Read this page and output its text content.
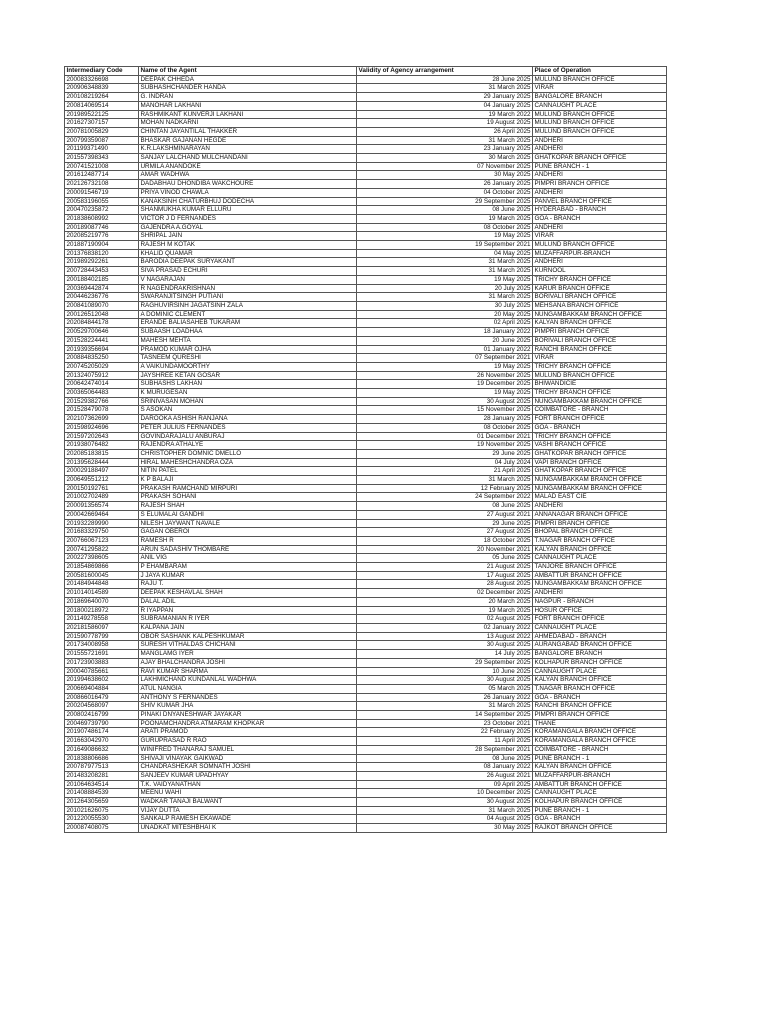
Intermediary Code	Name of the Agent	Validity of Agency arrangement	Place of Operation
200083326698	DEEPAK CHHEDA	28 June 2025	MULUND BRANCH OFFICE
200906348839	SUBHASHCHANDER HANDA	31 March 2025	VIRAR
200108219264	G. INDRAN	29 January 2025	BANGALORE BRANCH
200814069514	MANOHAR LAKHANI	04 January 2025	CANNAUGHT PLACE
201989522125	RASHMIKANT KUNVERJI LAKHANI	19 March 2022	MULUND BRANCH OFFICE
201627307157	MOHAN NADKARNI	19 August 2025	MULUND BRANCH OFFICE
200781005829	CHINTAN JAYANTILAL THAKKER	26 April 2025	MULUND BRANCH OFFICE
200799359087	BHASKAR GAJANAN HEGDE	31 March 2025	ANDHERI
201199371490	K.R.LAKSHMINARAYAN	23 January 2025	ANDHERI
201557398343	SANJAY LALCHAND MULCHANDANI	30 March 2025	GHATKOPAR BRANCH OFFICE
200741521008	URMILA ANANDOKE	07 November 2025	PUNE BRANCH - 1
201612487714	AMAR WADHWA	30 May 2025	ANDHERI
202126732108	DADABHAU DHONDIBA WAKCHOURE	26 January 2025	PIMPRI BRANCH OFFICE
200091546719	PRIYA VINOD CHAWLA	04 October 2025	ANDHERI
200583196055	KANAKSINH CHATURBHUJ DODECHA	29 September 2025	PANVEL BRANCH OFFICE
200470235872	SHANMUKHA KUMAR ELLURU	08 June 2025	HYDERABAD - BRANCH
201838608992	VICTOR J D FERNANDES	19 March 2025	GOA - BRANCH
200189087746	GAJENDRA A.GOYAL	08 October 2025	ANDHERI
202085219776	SHRIPAL JAIN	19 May 2025	VIRAR
201887190904	RAJESH M KOTAK	19 September 2021	MULUND BRANCH OFFICE
201376838120	KHALID QUAMAR	04 May 2025	MUZAFFARPUR-BRANCH
201989292261	BARODIA DEEPAK SURYAKANT	31 March 2025	ANDHERI
200728443453	SIVA PRASAD ECHURI	31 March 2025	KURNOOL
200188402185	V NAGARAJAN	19 May 2025	TRICHY BRANCH OFFICE
200369442874	R NAGENDRAKRISHNAN	20 July 2025	KARUR BRANCH OFFICE
200446236776	SWARANJITSINGH PUTIANI	31 March 2025	BORIVALI BRANCH OFFICE
200841089070	RAGHUVIRSINH JAGATSINH ZALA	30 July 2025	MEHSANA BRANCH OFFICE
200126512048	A DOMINIC CLEMENT	20 May 2025	NUNGAMBAKKAM BRANCH OFFICE
202084844178	ERANDE BALIASAHEB TUKARAM	02 April 2025	KALYAN BRANCH OFFICE
200529700646	SUBAASH LOADHAA	18 January 2022	PIMPRI BRANCH OFFICE
201528224441	MAHESH MEHTA	20 June 2025	BORIVALI BRANCH OFFICE
201939356694	PRAMOD KUMAR OJHA	01 January 2022	RANCHI BRANCH OFFICE
200884835250	TASNEEM QURESHI	07 September 2021	VIRAR
200745205029	A VAIKUNDAMOORTHY	19 May 2025	TRICHY BRANCH OFFICE
201324075912	JAYSHREE KETAN GOSAR	26 November 2025	MULUND BRANCH OFFICE
200642474014	SUBHASHS LAKHAN	19 December 2025	BHIWANDICIE
200365064483	K MURUGESAN	19 May 2025	TRICHY BRANCH OFFICE
201529382766	SRINIVASAN MOHAN	30 August 2025	NUNGAMBAKKAM BRANCH OFFICE
201528479078	S ASOKAN	15 November 2025	COIMBATORE - BRANCH
202107362699	DAROOKA ASHISH RANJANA	28 January 2025	FORT BRANCH OFFICE
201598924696	PETER JULIUS FERNANDES	08 October 2025	GOA - BRANCH
201597202643	GOVINDARAJALU ANBURAJ	01 December 2021	TRICHY BRANCH OFFICE
201938076482	RAJENDRA ATHALYE	19 November 2025	VASHI BRANCH OFFICE
202085183815	CHRISTOPHER DOMNIC DMELLO	29 June 2025	GHATKOPAR BRANCH OFFICE
201395628444	HIRAL MAHESHCHANDRA OZA	04 July 2024	VAPI BRANCH OFFICE
200029188497	NITIN PATEL	21 April 2025	GHATKOPAR BRANCH OFFICE
200649551212	K P BALAJI	31 March 2025	NUNGAMBAKKAM BRANCH OFFICE
200150192761	PRAKASH RAMCHAND MIRPURI	12 February 2025	NUNGAMBAKKAM BRANCH OFFICE
201002702489	PRAKASH SOHANI	24 September 2022	MALAD EAST CIE
200091356574	RAJESH SHAH	08 June 2025	ANDHERI
200042669464	S ELUMALAI GANDHI	27 August 2021	ANNANAGAR BRANCH OFFICE
201932289990	NILESH JAYWANT NAVALE	29 June 2025	PIMPRI BRANCH OFFICE
201683329750	GAGAN OBEROI	27 August 2025	BHOPAL BRANCH OFFICE
200766067123	RAMESH R	18 October 2025	T.NAGAR BRANCH OFFICE
200741295822	ARUN SADASHIV THOMBARE	20 November 2021	KALYAN BRANCH OFFICE
200227398605	ANIL VIG	05 June 2025	CANNAUGHT PLACE
201854869866	P EHAMBARAM	21 August 2025	TANJORE BRANCH OFFICE
200581600045	J JAYA KUMAR	17 August 2025	AMBATTUR BRANCH OFFICE
201484944848	RAJU T.	28 August 2025	NUNGAMBAKKAM BRANCH OFFICE
201014014589	DEEPAK KESHAVLAL SHAH	02 December 2025	ANDHERI
201869640070	DALAL ADIL	20 March 2025	NAGPUR - BRANCH
201800218972	R IYAPPAN	19 March 2025	HOSUR OFFICE
201149278558	SUBRAMANIAN R IYER	02 August 2025	FORT BRANCH OFFICE
202181586097	KALPANA JAIN	02 January 2022	CANNAUGHT PLACE
201590778799	OBOR SASHANK KALPESHKUMAR	13 August 2022	AHMEDABAD - BRANCH
201734008958	SURESH VITHALDAS CHICHANI	30 August 2025	AURANGABAD BRANCH OFFICE
201555721691	MANGLAMG IYER	14 July 2025	BANGALORE BRANCH
201723903883	AJAY BHALCHANDRA JOSHI	29 September 2025	KOLHAPUR BRANCH OFFICE
200040785661	RAVI KUMAR SHARMA	10 June 2025	CANNAUGHT PLACE
201994638602	LAKHMICHAND KUNDANLAL WADHWA	30 August 2025	KALYAN BRANCH OFFICE
200669404884	ATUL NANGIA	05 March 2025	T.NAGAR BRANCH OFFICE
200866016479	ANTHONY S FERNANDES	26 January 2022	GOA - BRANCH
200204568097	SHIV KUMAR JHA	31 March 2025	RANCHI BRANCH OFFICE
200802416799	PINAKI DNYANESHWAR JAYAKAR	14 September 2025	PIMPRI BRANCH OFFICE
200469739790	POONAMCHANDRA ATMARAM KHOPKAR	23 October 2021	THANE
201907486174	ARATI PRAMOD	22 February 2025	KORAMANGALA BRANCH OFFICE
201663042970	GURUPRASAD R RAO	11 April 2025	KORAMANGALA BRANCH OFFICE
201649086632	WINIFRED THANARAJ SAMUEL	28 September 2021	COIMBATORE - BRANCH
201838806686	SHIVAJI VINAYAK GAIKWAD	08 June 2025	PUNE BRANCH - 1
200787977513	CHANDRASHEKAR SOMNATH JOSHI	08 January 2022	KALYAN BRANCH OFFICE
201483208281	SANJEEV KUMAR UPADHYAY	26 August 2021	MUZAFFARPUR-BRANCH
201064634514	T.K. VAIDYANATHAN	09 April 2025	AMBATTUR BRANCH OFFICE
201408884539	MEENU WAHI	10 December 2025	CANNAUGHT PLACE
201264305659	WADKAR TANAJI BALWANT	30 August 2025	KOLHAPUR BRANCH OFFICE
201021626075	VIJAY DUTTA	31 March 2025	PUNE BRANCH - 1
201220055530	SANKALP RAMESH EKAWADE	04 August 2025	GOA - BRANCH
200087408075	UNADKAT MITESHBHAI K	30 May 2025	RAJKOT BRANCH OFFICE
